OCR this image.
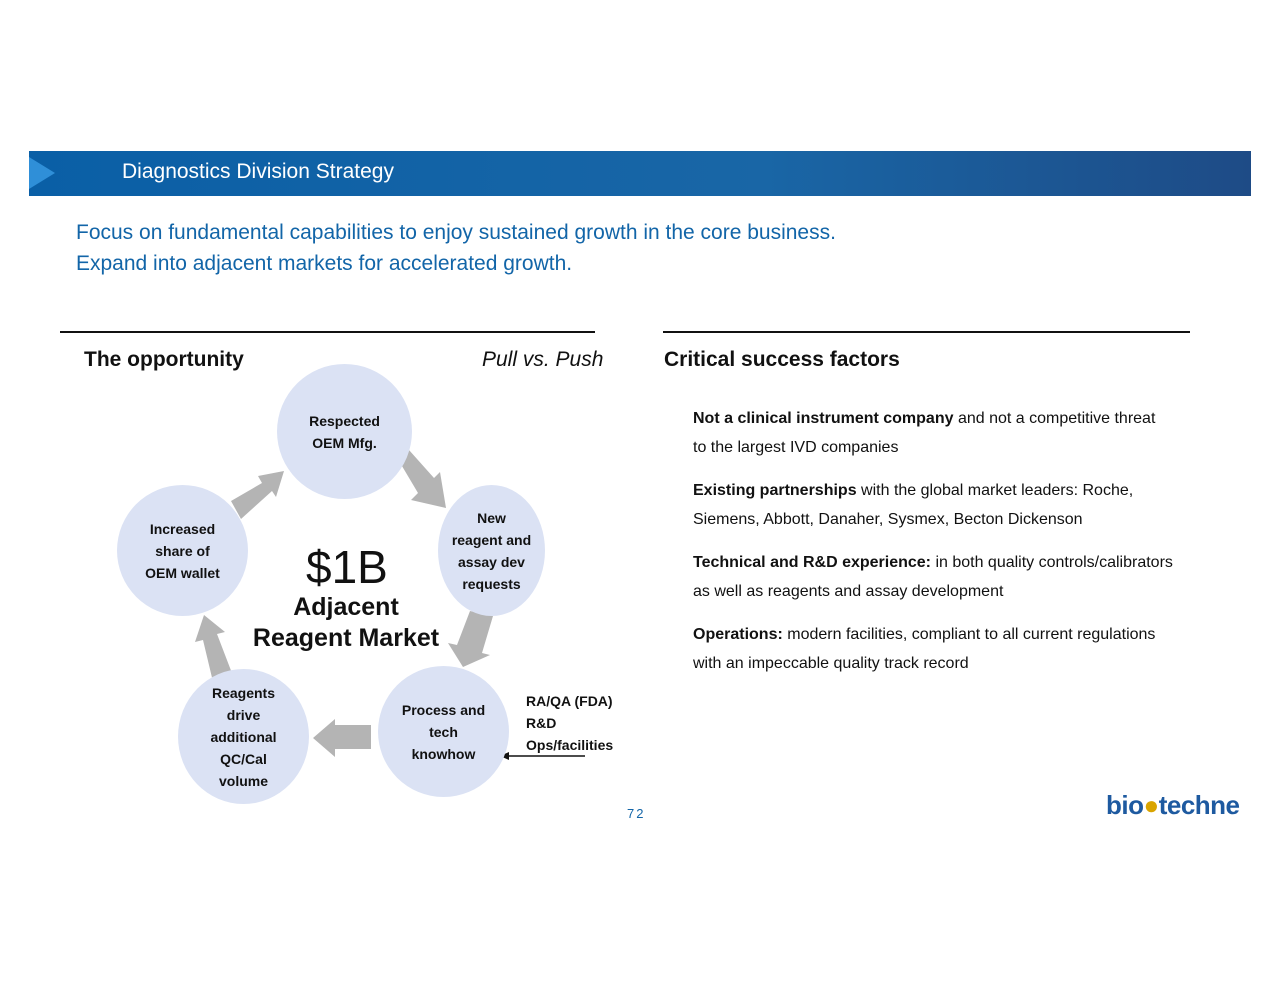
Diagnostics Division Strategy
Focus on fundamental capabilities to enjoy sustained growth in the core business.
Expand into adjacent markets for accelerated growth.
The opportunity	Pull vs. Push	Critical success factors
Respected
OEM Mfg.
New
reagent and
assay dev
requests
Process and
tech
knowhow
Reagents
drive
additional
QC/Cal
volume
Increased
share of
OEM wallet $1B
Adjacent
Reagent Market
RA/QA (FDA)
R&D
Ops/facilities

Not a clinical instrument company and not a competitive threat to the largest IVD companies

Existing partnerships with the global market leaders: Roche, Siemens, Abbott, Danaher, Sysmex, Becton Dickenson

Technical and R&D experience: in both quality controls/calibrators as well as reagents and assay development

Operations: modern facilities, compliant to all current regulations with an impeccable quality track record

72	bio●techne
